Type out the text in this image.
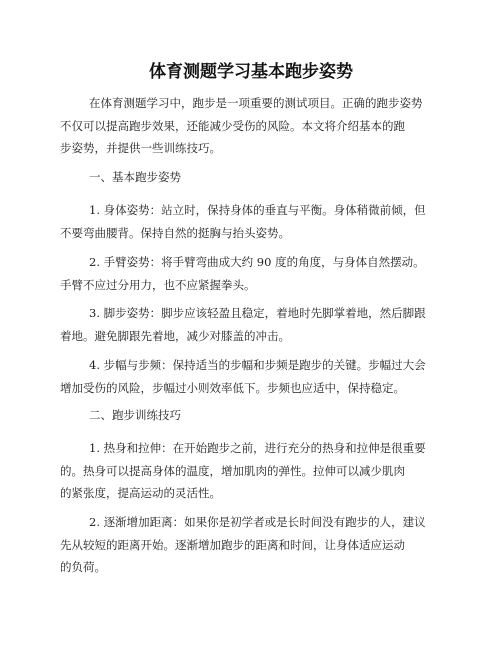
体育测题学习基本跑步姿势

在体育测题学习中，跑步是一项重要的测试项目。正确的跑步姿势
不仅可以提高跑步效果，还能减少受伤的风险。本文将介绍基本的跑
步姿势，并提供一些训练技巧。

一、基本跑步姿势

1. 身体姿势：站立时，保持身体的垂直与平衡。身体稍微前倾，但
不要弯曲腰背。保持自然的挺胸与抬头姿势。

2. 手臂姿势：将手臂弯曲成大约 90 度的角度，与身体自然摆动。
手臂不应过分用力，也不应紧握拳头。

3. 脚步姿势：脚步应该轻盈且稳定，着地时先脚掌着地，然后脚跟
着地。避免脚跟先着地，减少对膝盖的冲击。

4. 步幅与步频：保持适当的步幅和步频是跑步的关键。步幅过大会
增加受伤的风险，步幅过小则效率低下。步频也应适中，保持稳定。

二、跑步训练技巧

1. 热身和拉伸：在开始跑步之前，进行充分的热身和拉伸是很重要
的。热身可以提高身体的温度，增加肌肉的弹性。拉伸可以减少肌肉
的紧张度，提高运动的灵活性。

2. 逐渐增加距离：如果你是初学者或是长时间没有跑步的人，建议
先从较短的距离开始。逐渐增加跑步的距离和时间，让身体适应运动
的负荷。
